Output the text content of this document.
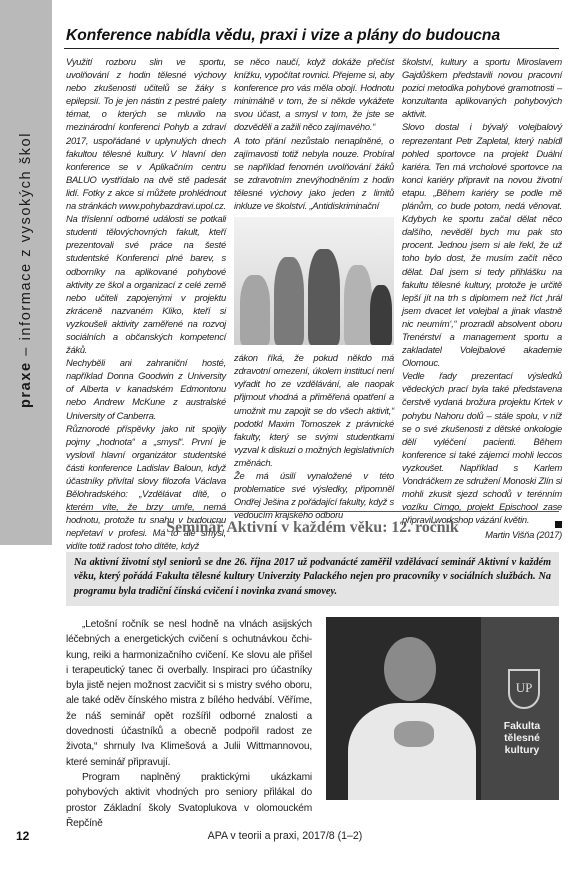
praxe – informace z vysokých škol
Konference nabídla vědu, praxi i vize a plány do budoucna

Využití rozboru slin ve sportu, uvolňování z hodin tělesné výchovy nebo zkušenosti učitelů se žáky s epilepsií. To je jen nástin z pestré palety témat, o kterých se mluvilo na mezinárodní konferenci Pohyb a zdraví 2017, uspořádané v uplynulých dnech fakultou tělesné kultury. V hlavní den konference se v Aplikačním centru BALUO vystřídalo na dvě stě padesát lidí. Fotky z akce si můžete prohlédnout na stránkách www.pohybazdravi.upol.cz.

Na tříslenní odborné události se potkali studenti tělovýchovných fakult, kteří prezentovali své práce na šesté studentské Konferenci plné barev, s odborníky na aplikované pohybové aktivity ze škol a organizací z celé země nebo učiteli zapojenými v projektu zkráceně nazvaném Kliko, kteří si vyzkoušeli aktivity zaměřené na rozvoj sociálních a občanských kompetencí žáků.

Nechyběli ani zahraniční hosté, například Donna Goodwin z University of Alberta v kanadském Edmontonu nebo Andrew McKune z australské University of Canberra.

Různorodé příspěvky jako nit spojily pojmy „hodnota“ a „smysl“. První je vyslovil hlavní organizátor studentské části konference Ladislav Baloun, když účastníky přivítal slovy filozofa Václava Bělohradského: „Vzdělávat dítě, o kterém víte, že brzy umře, nemá hodnotu, protože tu snahu v budoucnu nepřetaví v profesi. Má to ale smysl, vidíte totiž radost toho dítěte, když

se něco naučí, když dokáže přečíst knížku, vypočítat rovnici. Přejeme si, aby konference pro vás měla obojí. Hodnotu minimálně v tom, že si někde vykážete svou účast, a smysl v tom, že jste se dozvěděli a zažili něco zajímavého.“

A toto přání nezůstalo nenaplněné, o zajímavosti totiž nebyla nouze. Probíral se například fenomén uvolňování žáků se zdravotním znevýhodněním z hodin tělesné výchovy jako jeden z limitů inkluze ve školství. „Antidiskriminační

zákon říká, že pokud někdo má zdravotní omezení, úkolem institucí není vyřadit ho ze vzdělávání, ale naopak přijmout vhodná a přiměřená opatření a umožnit mu zapojit se do všech aktivit,“ podotkl Maxim Tomoszek z právnické fakulty, který se svými studentkami vyzval k diskuzi o možných legislativních změnách.

Že má úsilí vynaložené v této problematice své výsledky, připomněl Ondřej Ješina z pořádající fakulty, když s vedoucím krajského odboru

školství, kultury a sportu Miroslavem Gajdůškem představili novou pracovní pozici metodika pohybové gramotnosti – konzultanta aplikovaných pohybových aktivit.

Slovo dostal i bývalý volejbalový reprezentant Petr Zapletal, který nabídl pohled sportovce na projekt Duální kariéra. Ten má vrcholové sportovce na konci kariéry připravit na novou životní etapu. „Během kariéry se podle mě plánům, co bude potom, nedá věnovat. Kdybych ke sportu začal dělat něco dalšího, nevěděl bych mu pak sto procent. Jednou jsem si ale řekl, že už toho bylo dost, že musím začít něco dělat. Dal jsem si tedy přihlášku na fakultu tělesné kultury, protože je určitě lepší jít na trh s diplomem než říct ‚hrál jsem dvacet let volejbal a jinak vlastně nic neumím‘,“ prozradil absolvent oboru Trenérství a management sportu a zakladatel Volejbalové akademie Olomouc.

Vedle řady prezentací výsledků vědeckých prací byla také představena čerstvě vydaná brožura projektu Krtek v pohybu Nahoru dolů – stále spolu, v níž se o své zkušenosti z dětské onkologie dělí vyléčení pacienti. Během konference si také zájemci mohli leccos vyzkoušet. Například s Karlem Vondráčkem ze sdružení Monoski Zlín si mohli zkusit sjezd schodů v terénním vozíku Cimgo, projekt Epischool zase připravil workshop vázání květin.

Martin Višňa (2017)
Seminář Aktivní v každém věku: 12. ročník
Na aktivní životní styl seniorů se dne 26. října 2017 už podvanácté zaměřil vzdělávací seminář Aktivní v každém věku, který pořádá Fakulta tělesné kultury Univerzity Palackého nejen pro pracovníky v sociálních službách. Na programu byla tradiční čínská cvičení i novinka zvaná smovey.

„Letošní ročník se nesl hodně na vlnách asijských léčebných a energetických cvičení s ochutnávkou čchi-kung, reiki a harmonizačního cvičení. Ke slovu ale přišel i terapeutický tanec či overbally. Inspiraci pro účastníky byla jistě nejen možnost zacvičit si s mistry svého oboru, ale také oděv čínského mistra z bílého hedvábí. Věříme, že náš seminář opět rozšířil odborné znalosti a dovednosti účastníků a obecně podpořil radost ze života,“ shrnuly Iva Klimešová a Julii Wittmannovou, které seminář připravují.

Program naplněný praktickými ukázkami pohybových aktivit vhodných pro seniory přilákal do prostor Základní školy Svatoplukova v olomouckém Řepčíně

UP
Fakulta tělesné kultury
12	APA v teorii a praxi, 2017/8 (1–2)
